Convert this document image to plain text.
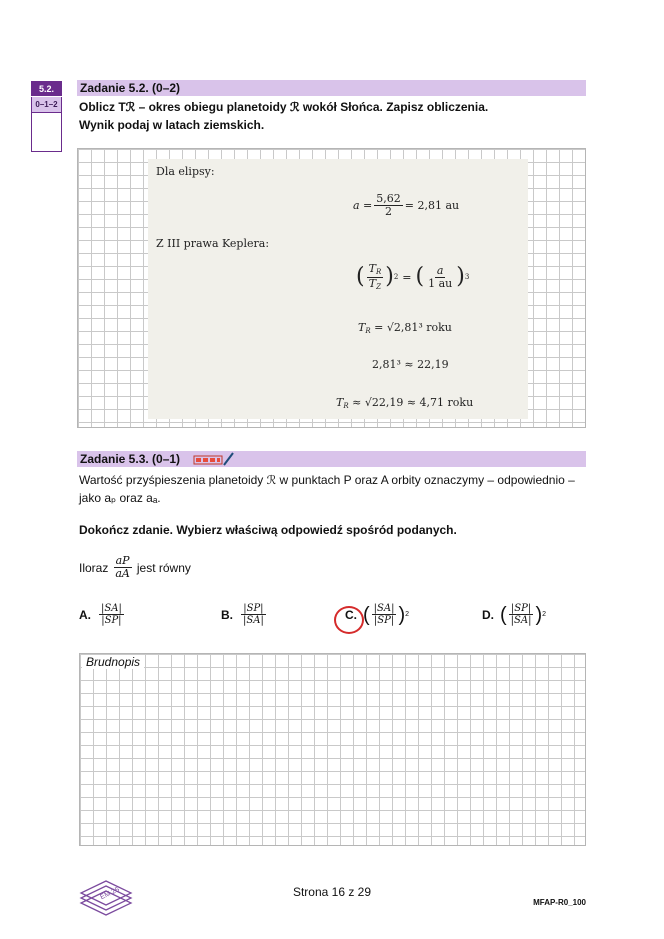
5.2.
0–1–2
Zadanie 5.2. (0–2)
Oblicz Tℛ – okres obiegu planetoidy ℛ wokół Słońca. Zapisz obliczenia.
Wynik podaj w latach ziemskich.
Dla elipsy:
$a = \frac{5,62}{2} = 2,81$ au
Z III prawa Keplera:
( $\frac{T_R}{T_Z}$ ) 2 = ( $\frac{a}{1 au}$ ) 3
$T_R = √2,81^3$ roku
2,81³ ≈ 22,19
$T_R \approx √22,19 \approx 4,71$ roku
Zadanie 5.3. (0–1)
Wartość przyśpieszenia planetoidy ℛ w punktach P oraz A orbity oznaczymy – odpowiednio –
jako aₚ oraz aₐ.
Dokończ zdanie. Wybierz właściwą odpowiedź spośród podanych.
Iloraz $\frac{aP}{aA}$ jest równy
A. $\frac{|SA|}{|SP|}$	B. $\frac{|SP|}{|SA|}$	C. ( $\frac{|SA|}{|SP|}$ ) 2	D. ( $\frac{|SP|}{|SA|}$ ) 2
Brudnopis
EM 25	Strona 16 z 29
MFAP-R0_100
